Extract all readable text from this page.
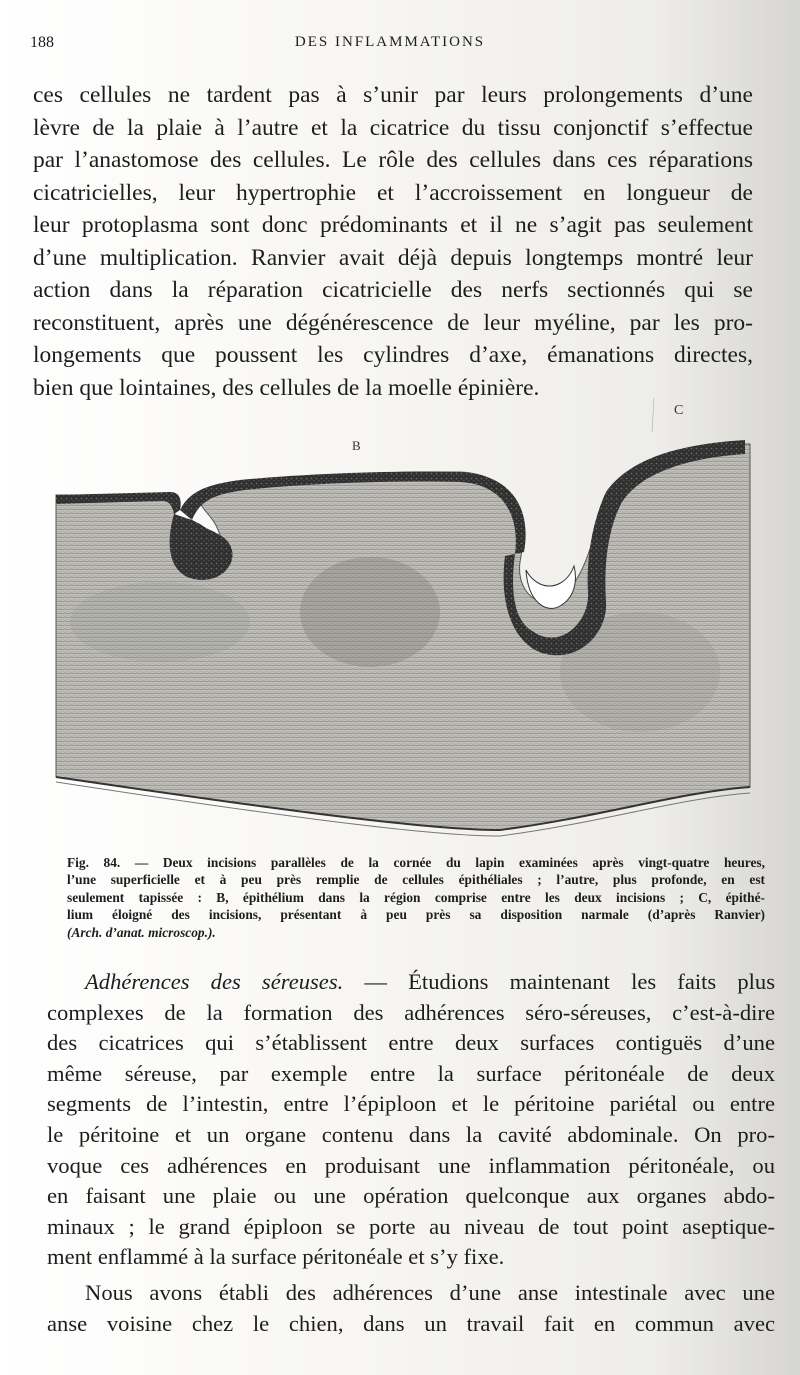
188	DES INFLAMMATIONS
ces cellules ne tardent pas à s’unir par leurs prolongements d’une
lèvre de la plaie à l’autre et la cicatrice du tissu conjonctif s’effectue
par l’anastomose des cellules. Le rôle des cellules dans ces réparations
cicatricielles, leur hypertrophie et l’accroissement en longueur de
leur protoplasma sont donc prédominants et il ne s’agit pas seulement
d’une multiplication. Ranvier avait déjà depuis longtemps montré leur
action dans la réparation cicatricielle des nerfs sectionnés qui se
reconstituent, après une dégénérescence de leur myéline, par les pro-
longements que poussent les cylindres d’axe, émanations directes,
bien que lointaines, des cellules de la moelle épinière.
B
C
Fig. 84. — Deux incisions parallèles de la cornée du lapin examinées après vingt-quatre heures,
l’une superficielle et à peu près remplie de cellules épithéliales ; l’autre, plus profonde, en est
seulement tapissée : B, épithélium dans la région comprise entre les deux incisions ; C, épithé-
lium éloigné des incisions, présentant à peu près sa disposition narmale (d’après Ranvier)
(Arch. d’anat. microscop.).
Adhérences des séreuses. — Étudions maintenant les faits plus
complexes de la formation des adhérences séro-séreuses, c’est-à-dire
des cicatrices qui s’établissent entre deux surfaces contiguës d’une
même séreuse, par exemple entre la surface péritonéale de deux
segments de l’intestin, entre l’épiploon et le péritoine pariétal ou entre
le péritoine et un organe contenu dans la cavité abdominale. On pro-
voque ces adhérences en produisant une inflammation péritonéale, ou
en faisant une plaie ou une opération quelconque aux organes abdo-
minaux ; le grand épiploon se porte au niveau de tout point aseptique-
ment enflammé à la surface péritonéale et s’y fixe.
Nous avons établi des adhérences d’une anse intestinale avec une
anse voisine chez le chien, dans un travail fait en commun avec
